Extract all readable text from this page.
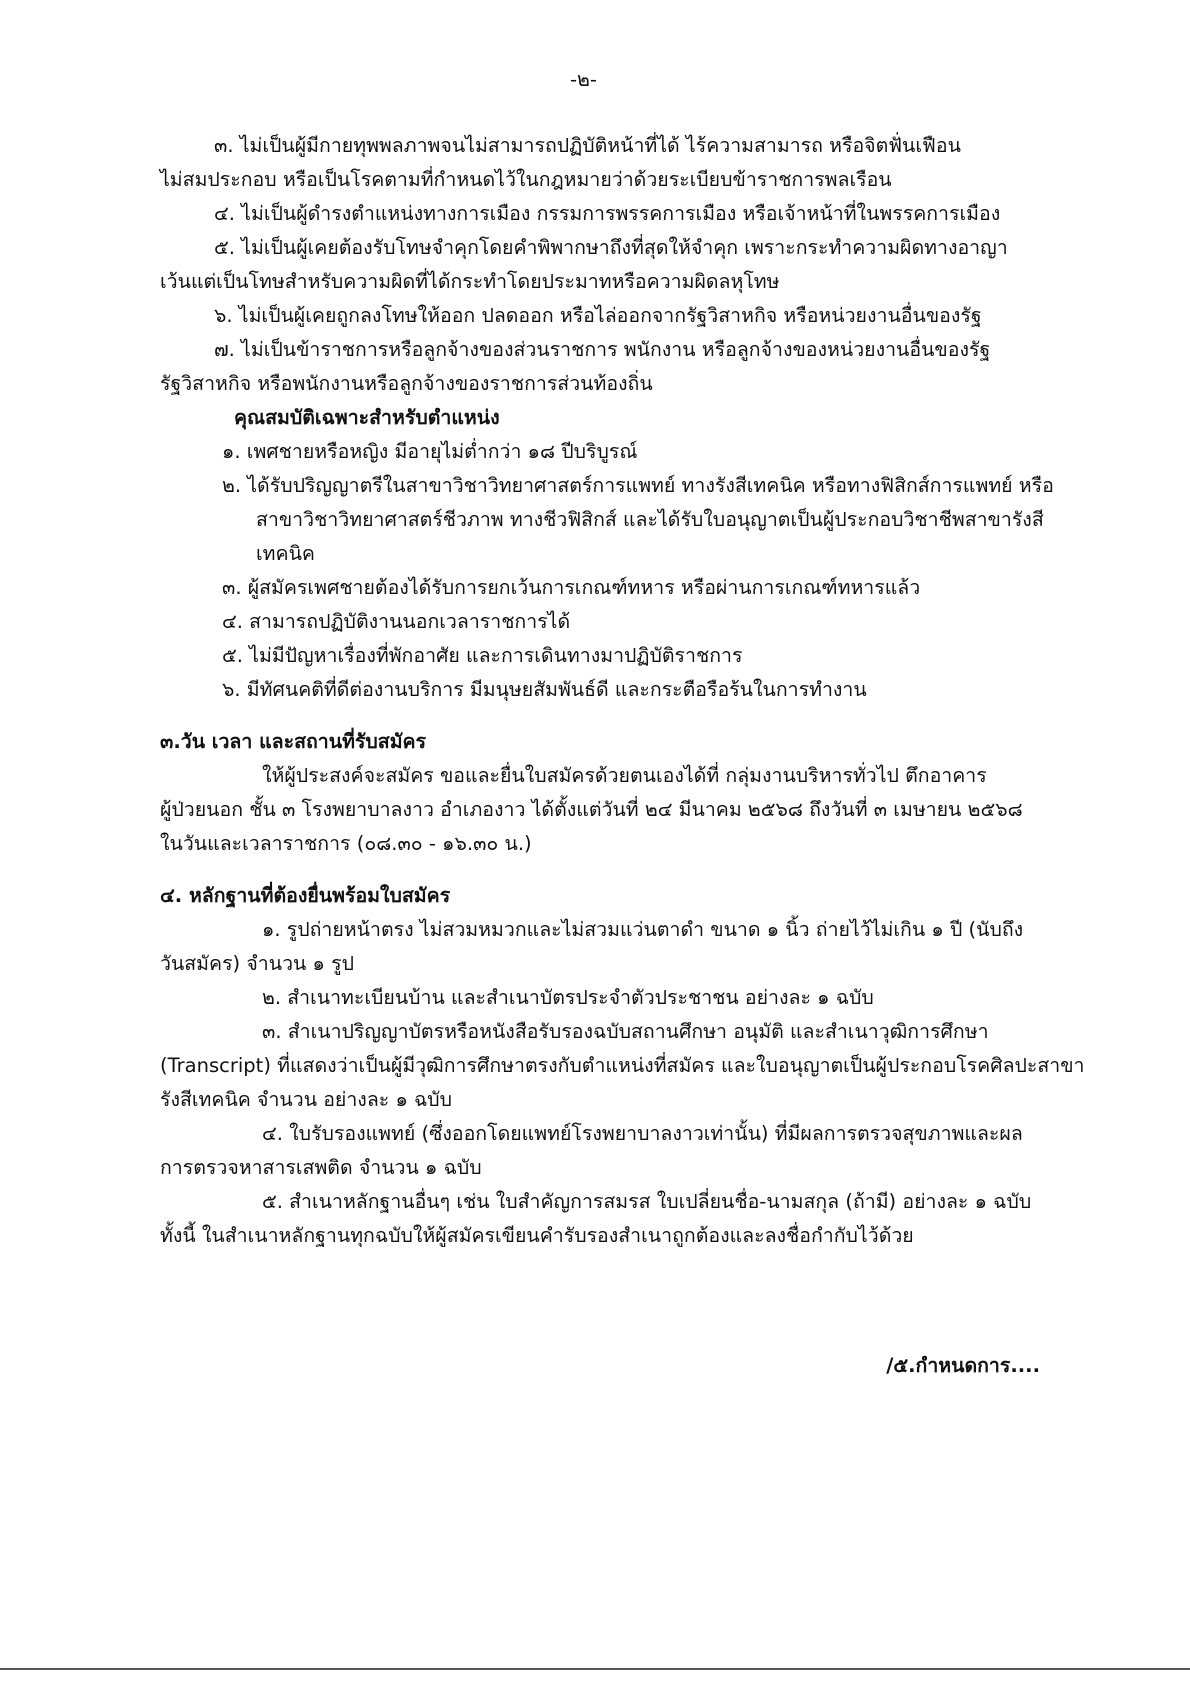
-๒-
๓. ไม่เป็นผู้มีกายทุพพลภาพจนไม่สามารถปฏิบัติหน้าที่ได้ ไร้ความสามารถ หรือจิตฟั่นเฟือน
ไม่สมประกอบ หรือเป็นโรคตามที่กำหนดไว้ในกฎหมายว่าด้วยระเบียบข้าราชการพลเรือน
๔. ไม่เป็นผู้ดำรงตำแหน่งทางการเมือง กรรมการพรรคการเมือง หรือเจ้าหน้าที่ในพรรคการเมือง
๕. ไม่เป็นผู้เคยต้องรับโทษจำคุกโดยคำพิพากษาถึงที่สุดให้จำคุก เพราะกระทำความผิดทางอาญา
เว้นแต่เป็นโทษสำหรับความผิดที่ได้กระทำโดยประมาทหรือความผิดลหุโทษ
๖. ไม่เป็นผู้เคยถูกลงโทษให้ออก ปลดออก หรือไล่ออกจากรัฐวิสาหกิจ หรือหน่วยงานอื่นของรัฐ
๗. ไม่เป็นข้าราชการหรือลูกจ้างของส่วนราชการ พนักงาน หรือลูกจ้างของหน่วยงานอื่นของรัฐ
รัฐวิสาหกิจ หรือพนักงานหรือลูกจ้างของราชการส่วนท้องถิ่น
คุณสมบัติเฉพาะสำหรับตำแหน่ง
๑. เพศชายหรือหญิง มีอายุไม่ต่ำกว่า ๑๘ ปีบริบูรณ์
๒. ได้รับปริญญาตรีในสาขาวิชาวิทยาศาสตร์การแพทย์ ทางรังสีเทคนิค หรือทางฟิสิกส์การแพทย์ หรือ
สาขาวิชาวิทยาศาสตร์ชีวภาพ ทางชีวฟิสิกส์ และได้รับใบอนุญาตเป็นผู้ประกอบวิชาชีพสาขารังสี
เทคนิค
๓. ผู้สมัครเพศชายต้องได้รับการยกเว้นการเกณฑ์ทหาร หรือผ่านการเกณฑ์ทหารแล้ว
๔. สามารถปฏิบัติงานนอกเวลาราชการได้
๕. ไม่มีปัญหาเรื่องที่พักอาศัย และการเดินทางมาปฏิบัติราชการ
๖. มีทัศนคติที่ดีต่องานบริการ มีมนุษยสัมพันธ์ดี และกระตือรือร้นในการทำงาน
๓.วัน เวลา และสถานที่รับสมัคร
ให้ผู้ประสงค์จะสมัคร ขอและยื่นใบสมัครด้วยตนเองได้ที่ กลุ่มงานบริหารทั่วไป ตึกอาคาร
ผู้ป่วยนอก ชั้น ๓ โรงพยาบาลงาว อำเภองาว ได้ตั้งแต่วันที่ ๒๔ มีนาคม ๒๕๖๘ ถึงวันที่ ๓ เมษายน ๒๕๖๘
ในวันและเวลาราชการ (๐๘.๓๐ - ๑๖.๓๐ น.)
๔. หลักฐานที่ต้องยื่นพร้อมใบสมัคร
๑. รูปถ่ายหน้าตรง ไม่สวมหมวกและไม่สวมแว่นตาดำ ขนาด ๑ นิ้ว ถ่ายไว้ไม่เกิน ๑ ปี (นับถึง
วันสมัคร) จำนวน ๑ รูป
๒. สำเนาทะเบียนบ้าน และสำเนาบัตรประจำตัวประชาชน อย่างละ ๑ ฉบับ
๓. สำเนาปริญญาบัตรหรือหนังสือรับรองฉบับสถานศึกษา อนุมัติ และสำเนาวุฒิการศึกษา
(Transcript) ที่แสดงว่าเป็นผู้มีวุฒิการศึกษาตรงกับตำแหน่งที่สมัคร และใบอนุญาตเป็นผู้ประกอบโรคศิลปะสาขา
รังสีเทคนิค จำนวน อย่างละ ๑ ฉบับ
๔. ใบรับรองแพทย์ (ซึ่งออกโดยแพทย์โรงพยาบาลงาวเท่านั้น) ที่มีผลการตรวจสุขภาพและผล
การตรวจหาสารเสพติด จำนวน ๑ ฉบับ
๕. สำเนาหลักฐานอื่นๆ เช่น ใบสำคัญการสมรส ใบเปลี่ยนชื่อ-นามสกุล (ถ้ามี) อย่างละ ๑ ฉบับ
ทั้งนี้ ในสำเนาหลักฐานทุกฉบับให้ผู้สมัครเขียนคำรับรองสำเนาถูกต้องและลงชื่อกำกับไว้ด้วย
/๕.กำหนดการ....
